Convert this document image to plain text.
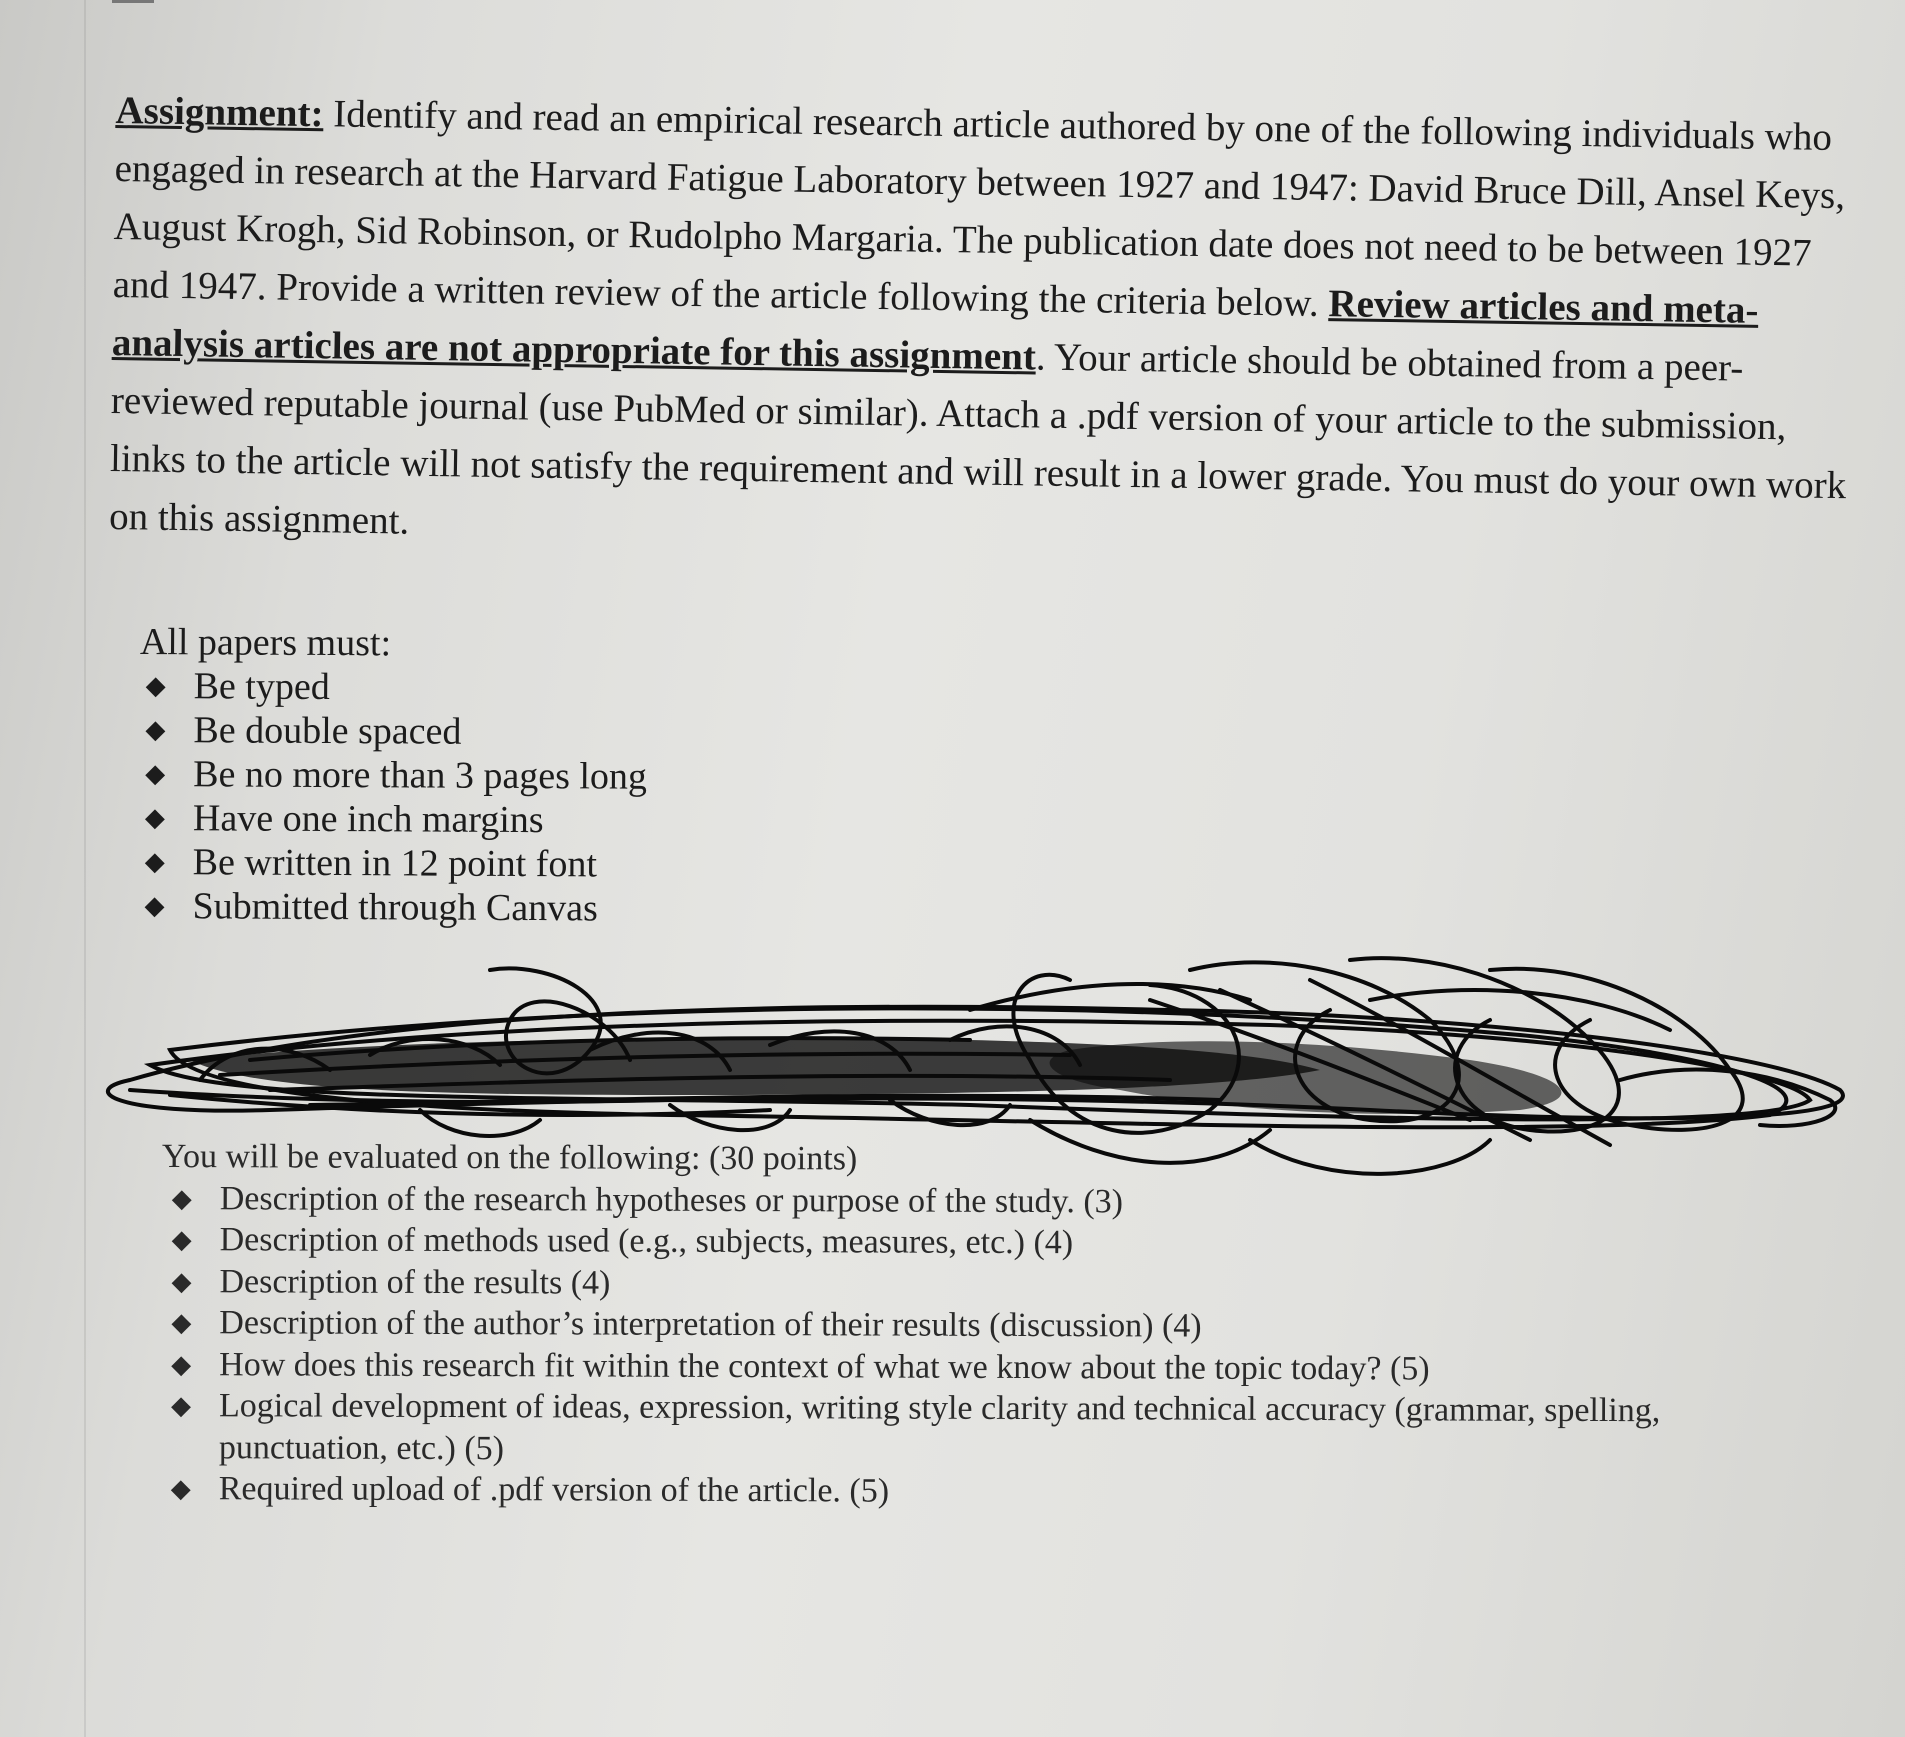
Assignment: Identify and read an empirical research article authored by one of the following individuals who
engaged in research at the Harvard Fatigue Laboratory between 1927 and 1947: David Bruce Dill, Ansel Keys,
August Krogh, Sid Robinson, or Rudolpho Margaria. The publication date does not need to be between 1927
and 1947. Provide a written review of the article following the criteria below. Review articles and meta-
analysis articles are not appropriate for this assignment. Your article should be obtained from a peer-
reviewed reputable journal (use PubMed or similar). Attach a .pdf version of your article to the submission,
links to the article will not satisfy the requirement and will result in a lower grade. You must do your own work
on this assignment.
All papers must:
◆ Be typed
◆ Be double spaced
◆ Be no more than 3 pages long
◆ Have one inch margins
◆ Be written in 12 point font
◆ Submitted through Canvas
You will be evaluated on the following: (30 points)
◆ Description of the research hypotheses or purpose of the study. (3)
◆ Description of methods used (e.g., subjects, measures, etc.) (4)
◆ Description of the results (4)
◆ Description of the author’s interpretation of their results (discussion) (4)
◆ How does this research fit within the context of what we know about the topic today? (5)
◆ Logical development of ideas, expression, writing style clarity and technical accuracy (grammar, spelling, punctuation, etc.) (5)
◆ Required upload of .pdf version of the article. (5)
